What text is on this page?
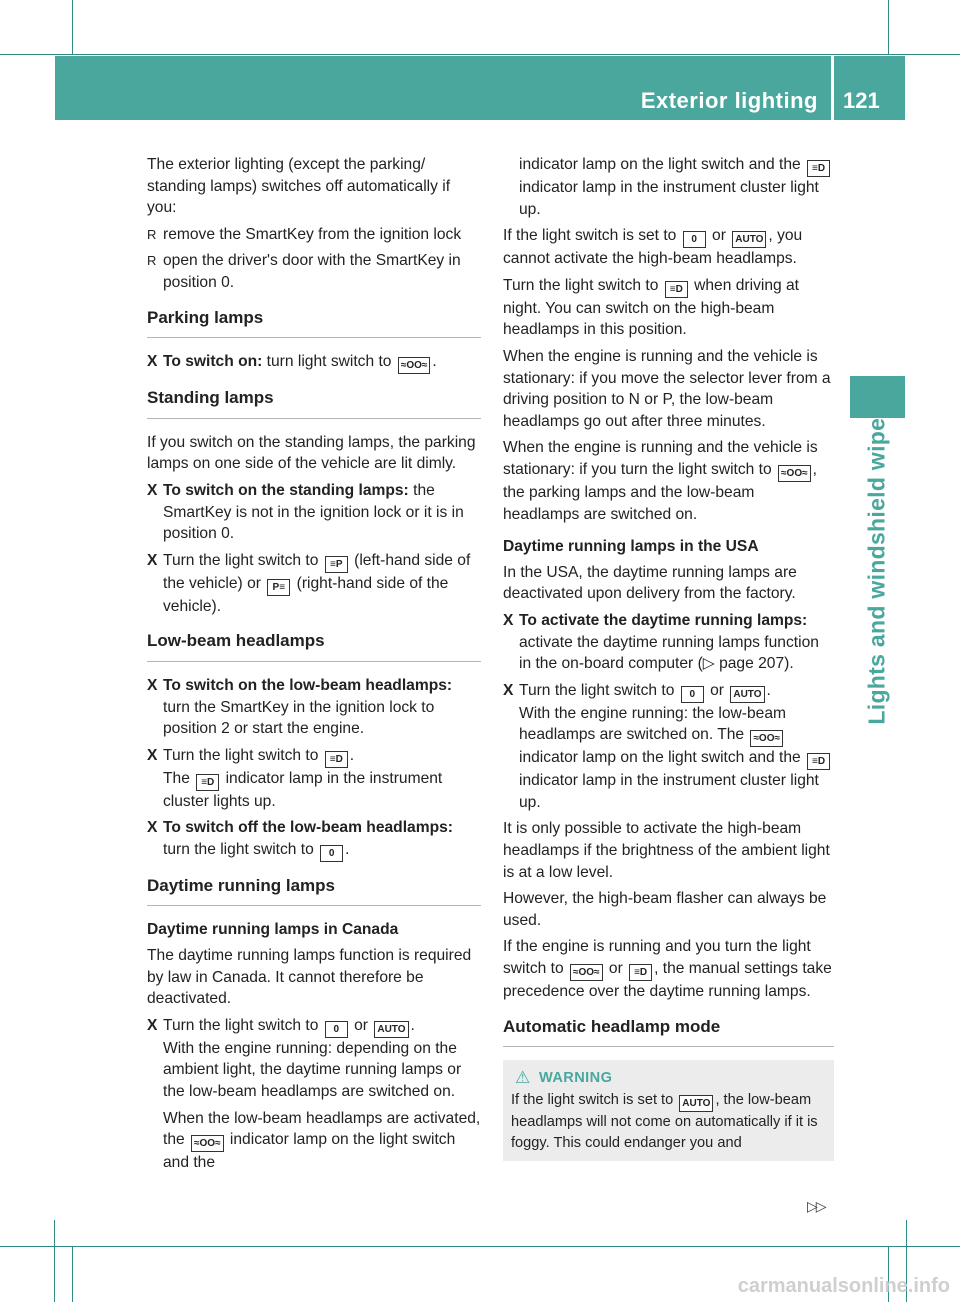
Exterior lighting 121
Lights and windshield wipers

The exterior lighting (except the parking/ standing lamps) switches off automatically if you:

R remove the SmartKey from the ignition lock
R open the driver's door with the SmartKey in position 0.
Parking lamps
X To switch on: turn light switch to ≈OO≈ .
Standing lamps

If you switch on the standing lamps, the parking lamps on one side of the vehicle are lit dimly.

X To switch on the standing lamps: the SmartKey is not in the ignition lock or it is in position 0.
X Turn the light switch to ≡P (left-hand side of the vehicle) or P≡ (right-hand side of the vehicle).
Low-beam headlamps
X To switch on the low-beam headlamps: turn the SmartKey in the ignition lock to position 2 or start the engine.
X Turn the light switch to ≡D .
The ≡D indicator lamp in the instrument cluster lights up.
X To switch off the low-beam headlamps: turn the light switch to 0 .
Daytime running lamps
Daytime running lamps in Canada

The daytime running lamps function is required by law in Canada. It cannot therefore be deactivated.

X Turn the light switch to 0 or AUTO .
With the engine running: depending on the ambient light, the daytime running lamps or the low-beam headlamps are switched on.

When the low-beam headlamps are activated, the ≈OO≈ indicator lamp on the light switch and the

indicator lamp on the light switch and the ≡D indicator lamp in the instrument cluster light up.

If the light switch is set to 0 or AUTO , you cannot activate the high-beam headlamps.

Turn the light switch to ≡D when driving at night. You can switch on the high-beam headlamps in this position.

When the engine is running and the vehicle is stationary: if you move the selector lever from a driving position to N or P, the low-beam headlamps go out after three minutes.

When the engine is running and the vehicle is stationary: if you turn the light switch to ≈OO≈ , the parking lamps and the low-beam headlamps are switched on.

Daytime running lamps in the USA

In the USA, the daytime running lamps are deactivated upon delivery from the factory.

X To activate the daytime running lamps: activate the daytime running lamps function in the on-board computer (▷ page 207).
X Turn the light switch to 0 or AUTO .
With the engine running: the low-beam headlamps are switched on. The ≈OO≈ indicator lamp on the light switch and the ≡D indicator lamp in the instrument cluster light up.

It is only possible to activate the high-beam headlamps if the brightness of the ambient light is at a low level.

However, the high-beam flasher can always be used.

If the engine is running and you turn the light switch to ≈OO≈ or ≡D , the manual settings take precedence over the daytime running lamps.

Automatic headlamp mode
⚠ WARNING
If the light switch is set to AUTO , the low-beam headlamps will not come on automatically if it is foggy. This could endanger you and
▷▷
carmanualsonline.info
